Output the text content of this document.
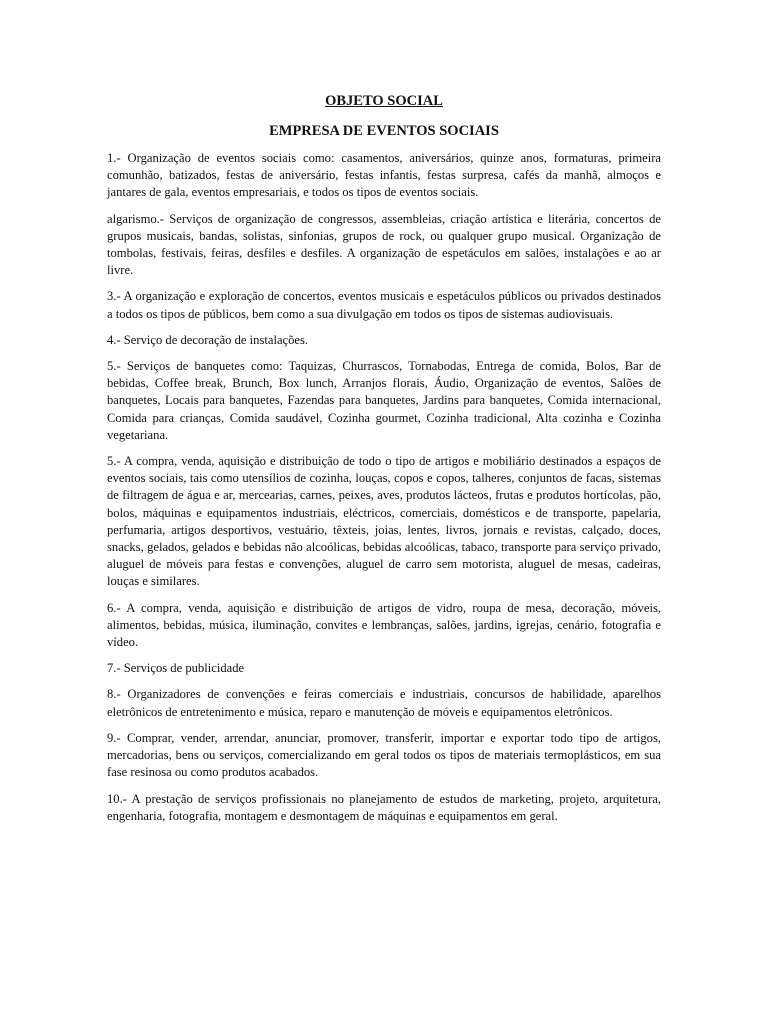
OBJETO SOCIAL
EMPRESA DE EVENTOS SOCIAIS

1.- Organização de eventos sociais como: casamentos, aniversários, quinze anos, formaturas, primeira comunhão, batizados, festas de aniversário, festas infantis, festas surpresa, cafés da manhã, almoços e jantares de gala, eventos empresariais, e todos os tipos de eventos sociais.

algarismo.- Serviços de organização de congressos, assembleias, criação artística e literária, concertos de grupos musicais, bandas, solistas, sinfonias, grupos de rock, ou qualquer grupo musical. Organização de tombolas, festivais, feiras, desfiles e desfiles. A organização de espetáculos em salões, instalações e ao ar livre.

3.- A organização e exploração de concertos, eventos musicais e espetáculos públicos ou privados destinados a todos os tipos de públicos, bem como a sua divulgação em todos os tipos de sistemas audiovisuais.

4.- Serviço de decoração de instalações.

5.- Serviços de banquetes como: Taquizas, Churrascos, Tornabodas, Entrega de comida, Bolos, Bar de bebidas, Coffee break, Brunch, Box lunch, Arranjos florais, Áudio, Organização de eventos, Salões de banquetes, Locais para banquetes, Fazendas para banquetes, Jardins para banquetes, Comida internacional, Comida para crianças, Comida saudável, Cozinha gourmet, Cozinha tradicional, Alta cozinha e Cozinha vegetariana.

5.- A compra, venda, aquisição e distribuição de todo o tipo de artigos e mobiliário destinados a espaços de eventos sociais, tais como utensílios de cozinha, louças, copos e copos, talheres, conjuntos de facas, sistemas de filtragem de água e ar, mercearias, carnes, peixes, aves, produtos lácteos, frutas e produtos hortícolas, pão, bolos, máquinas e equipamentos industriais, eléctricos, comerciais, domésticos e de transporte, papelaria, perfumaria, artigos desportivos, vestuário, têxteis, joias, lentes, livros, jornais e revistas, calçado, doces, snacks, gelados, gelados e bebidas não alcoólicas, bebidas alcoólicas, tabaco, transporte para serviço privado, aluguel de móveis para festas e convenções, aluguel de carro sem motorista, aluguel de mesas, cadeiras, louças e similares.

6.- A compra, venda, aquisição e distribuição de artigos de vidro, roupa de mesa, decoração, móveis, alimentos, bebidas, música, iluminação, convites e lembranças, salões, jardins, igrejas, cenário, fotografia e vídeo.

7.- Serviços de publicidade

8.- Organizadores de convenções e feiras comerciais e industriais, concursos de habilidade, aparelhos eletrônicos de entretenimento e música, reparo e manutenção de móveis e equipamentos eletrônicos.

9.- Comprar, vender, arrendar, anunciar, promover, transferir, importar e exportar todo tipo de artigos, mercadorias, bens ou serviços, comercializando em geral todos os tipos de materiais termoplásticos, em sua fase resinosa ou como produtos acabados.

10.- A prestação de serviços profissionais no planejamento de estudos de marketing, projeto, arquitetura, engenharia, fotografia, montagem e desmontagem de máquinas e equipamentos em geral.
